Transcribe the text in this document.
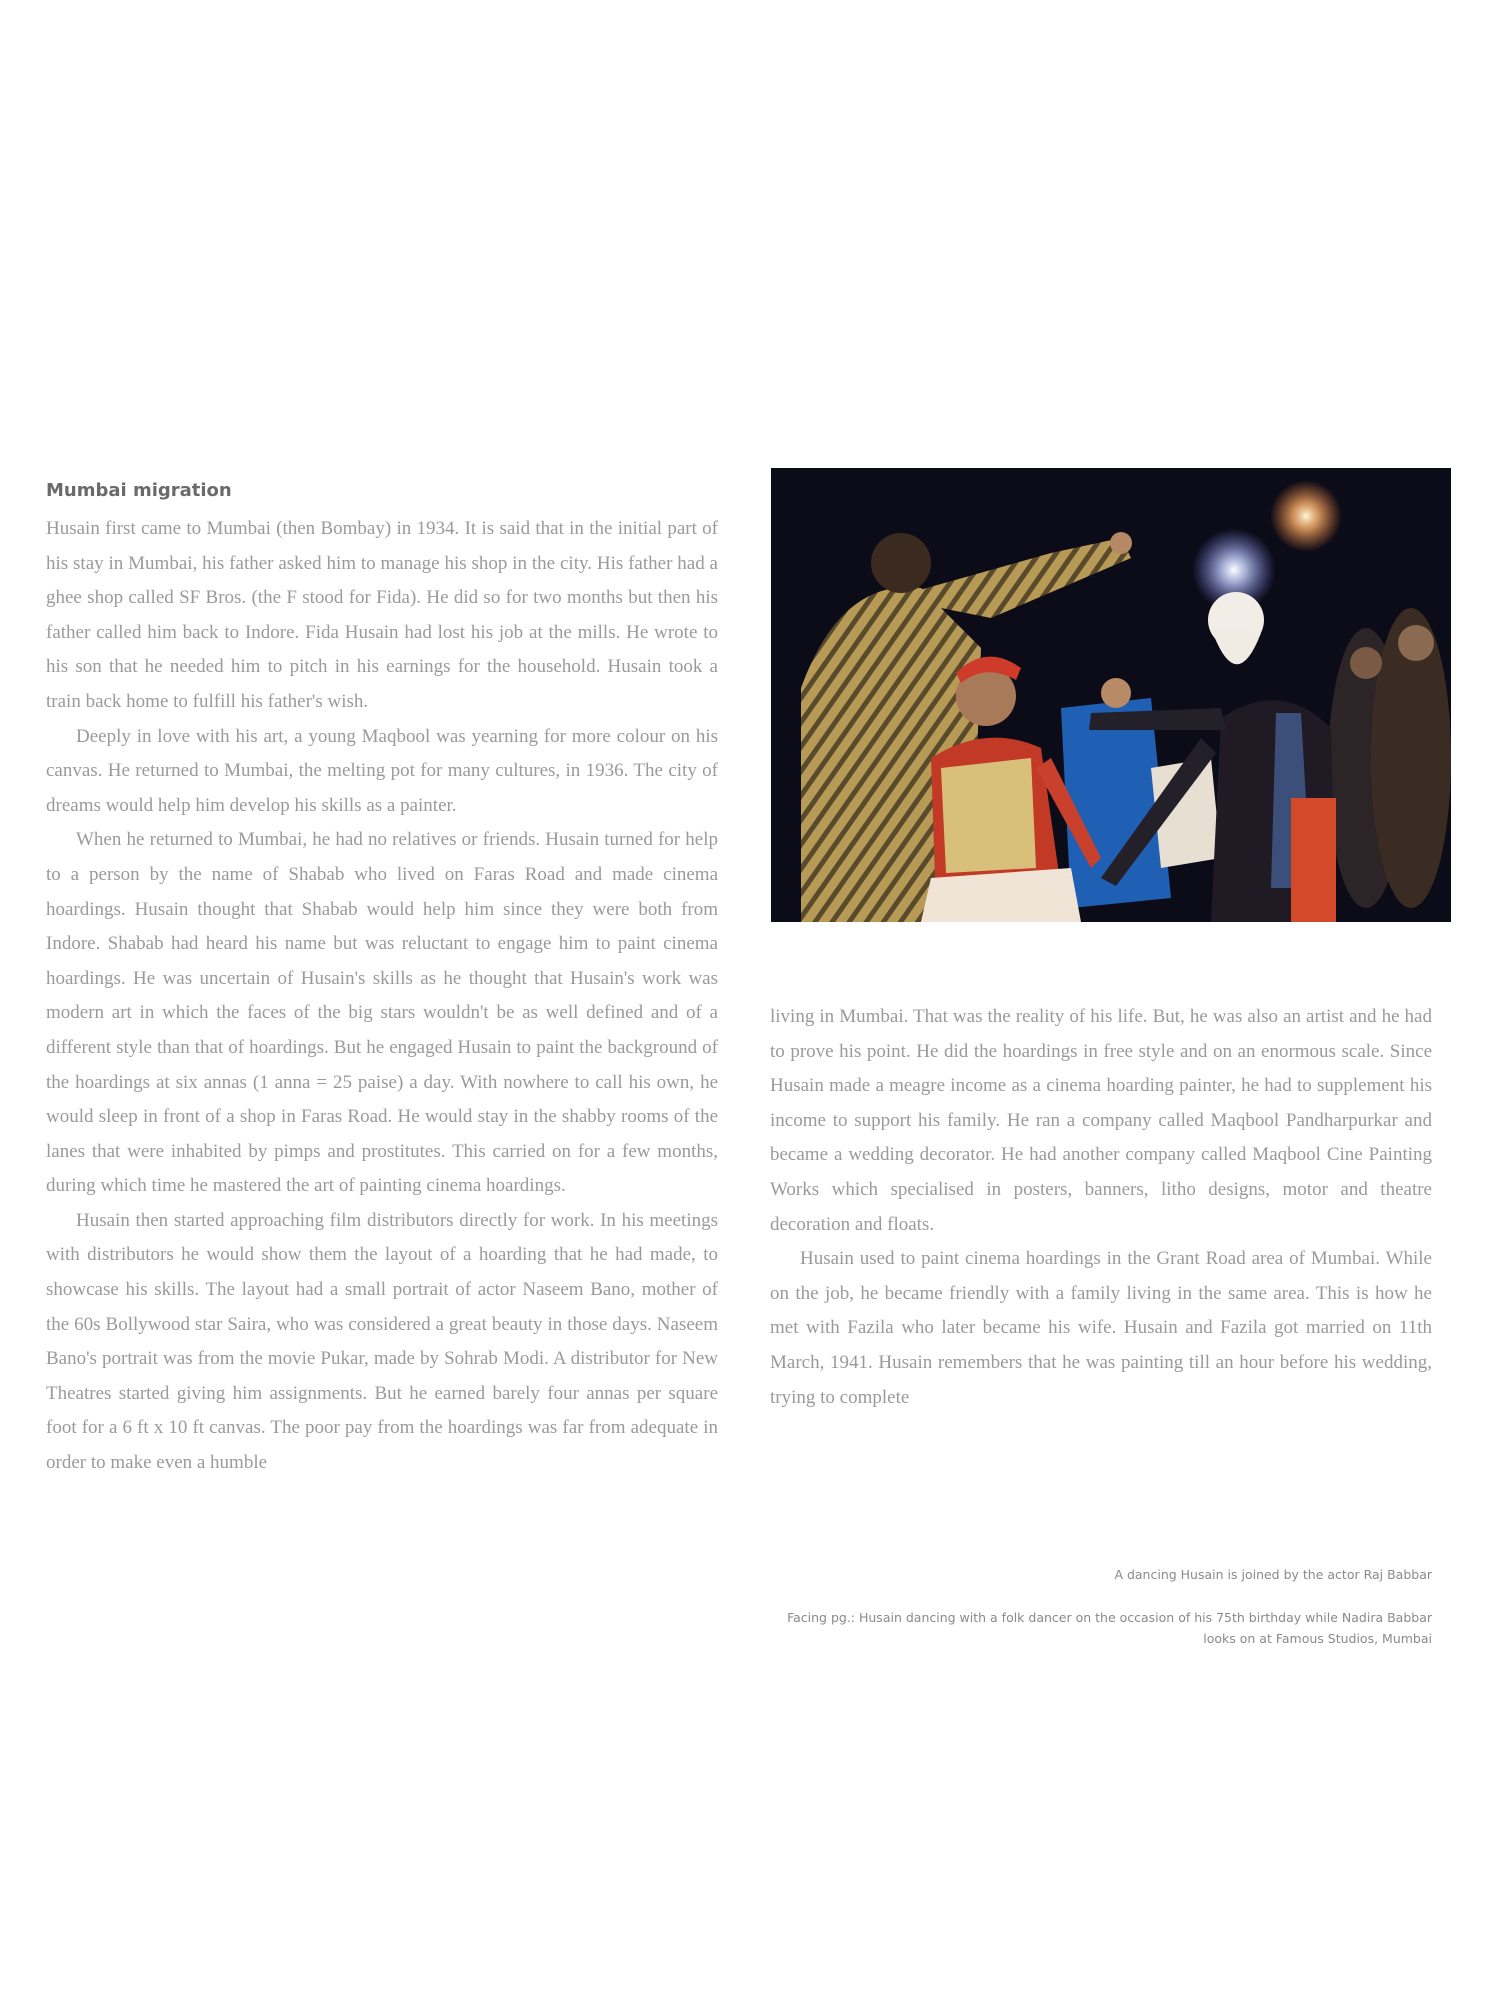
Mumbai migration

Husain first came to Mumbai (then Bombay) in 1934. It is said that in the initial part of his stay in Mumbai, his father asked him to manage his shop in the city. His father had a ghee shop called SF Bros. (the F stood for Fida). He did so for two months but then his father called him back to Indore. Fida Husain had lost his job at the mills. He wrote to his son that he needed him to pitch in his earnings for the household. Husain took a train back home to fulfill his father's wish.

Deeply in love with his art, a young Maqbool was yearning for more colour on his canvas. He returned to Mumbai, the melting pot for many cultures, in 1936. The city of dreams would help him develop his skills as a painter.

When he returned to Mumbai, he had no relatives or friends. Husain turned for help to a person by the name of Shabab who lived on Faras Road and made cinema hoardings. Husain thought that Shabab would help him since they were both from Indore. Shabab had heard his name but was reluctant to engage him to paint cinema hoardings. He was uncertain of Husain's skills as he thought that Husain's work was modern art in which the faces of the big stars wouldn't be as well defined and of a different style than that of hoardings. But he engaged Husain to paint the background of the hoardings at six annas (1 anna = 25 paise) a day. With nowhere to call his own, he would sleep in front of a shop in Faras Road. He would stay in the shabby rooms of the lanes that were inhabited by pimps and prostitutes. This carried on for a few months, during which time he mastered the art of painting cinema hoardings.

Husain then started approaching film distributors directly for work. In his meetings with distributors he would show them the layout of a hoarding that he had made, to showcase his skills. The layout had a small portrait of actor Naseem Bano, mother of the 60s Bollywood star Saira, who was considered a great beauty in those days. Naseem Bano's portrait was from the movie Pukar, made by Sohrab Modi. A distributor for New Theatres started giving him assignments. But he earned barely four annas per square foot for a 6 ft x 10 ft canvas. The poor pay from the hoardings was far from adequate in order to make even a humble

living in Mumbai. That was the reality of his life. But, he was also an artist and he had to prove his point. He did the hoardings in free style and on an enormous scale. Since Husain made a meagre income as a cinema hoarding painter, he had to supplement his income to support his family. He ran a company called Maqbool Pandharpurkar and became a wedding decorator. He had another company called Maqbool Cine Painting Works which specialised in posters, banners, litho designs, motor and theatre decoration and floats.

Husain used to paint cinema hoardings in the Grant Road area of Mumbai. While on the job, he became friendly with a family living in the same area. This is how he met with Fazila who later became his wife. Husain and Fazila got married on 11th March, 1941. Husain remembers that he was painting till an hour before his wedding, trying to complete

A dancing Husain is joined by the actor Raj Babbar

Facing pg.: Husain dancing with a folk dancer on the occasion of his 75th birthday while Nadira Babbar looks on at Famous Studios, Mumbai
